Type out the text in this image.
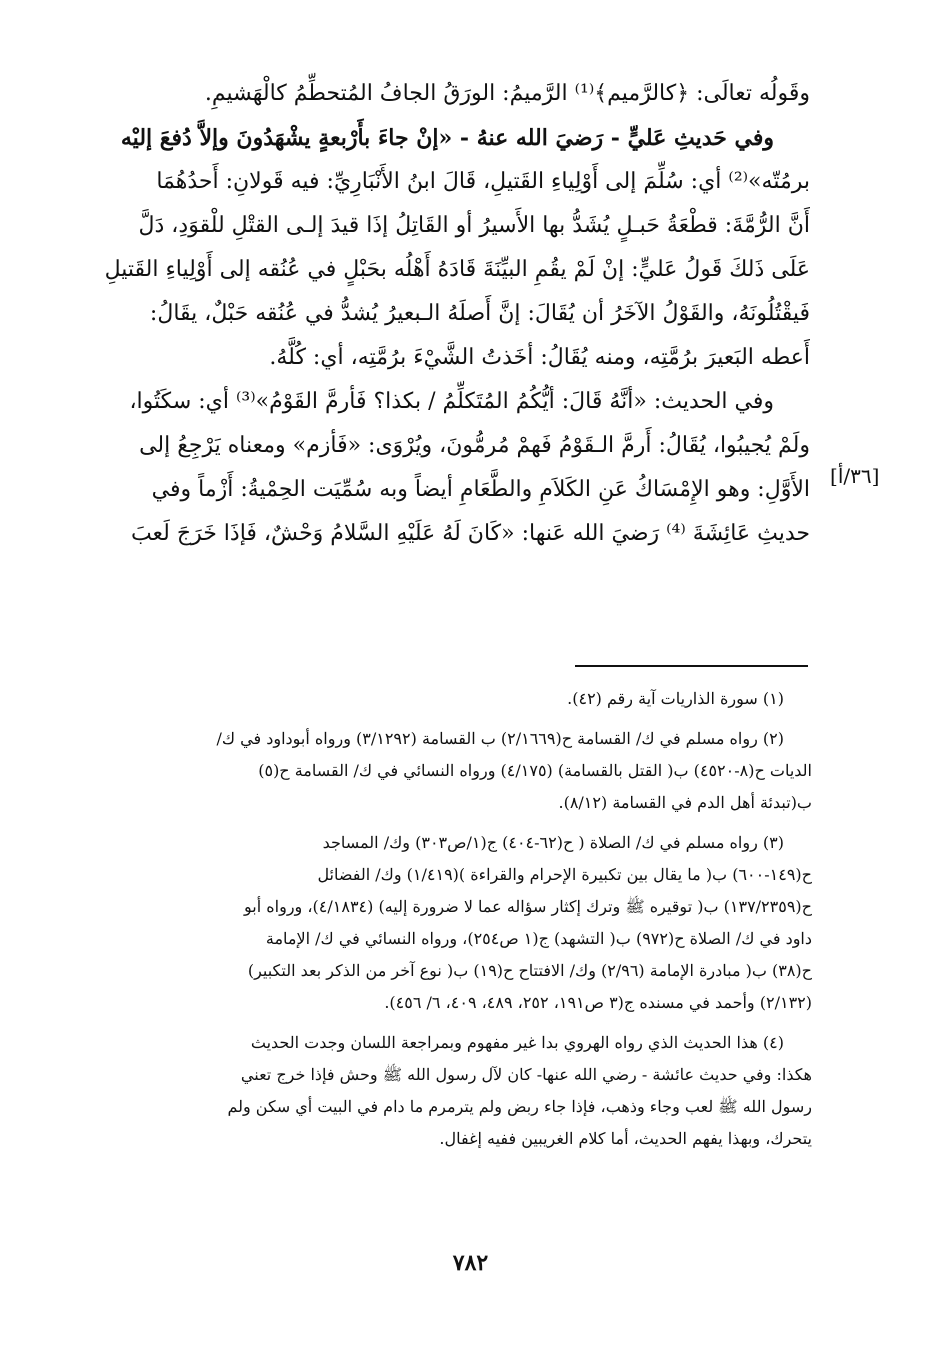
وقَولُه تعالَى: ﴿كالرَّميم﴾⁽¹⁾ الرَّميمُ: الورَقُ الجافُ المُتحطِّمُ كالْهَشيمِ.
وفي حَديثِ عَليٍّ - رَضيَ الله عنهُ - «إنْ جاءَ بأَرْبعةٍ يشْهَدُونَ وإلاَّ دُفعَ إليْه
برمُتّه»⁽²⁾ أي: سُلِّمَ إلى أَوْلِياءِ القَتيلِ، قَالَ ابنُ الأَنْبَارِيِّ: فيه قَولانِ: أَحدُهُمَا
أَنَّ الرُّمَّةَ: قطْعَةُ حَبـلٍ يُشَدُّ بها الأَسيرُ أو القَاتِلُ إذَا قيدَ إلـى القتْلِ للْقوَدِ، دَلَّ
عَلَى ذَلكَ قَولُ عَليٍّ: إنْ لَمْ يقُمِ البيِّنَةَ قَادَهُ أَهْلُه بحَبْلٍ في عُنُقه إلى أَوْلِياءِ القَتيلِ
فَيقْتُلُونَهُ، والقَوْلُ الآخَرُ أن يُقَالَ: إنَّ أَصلَهُ الـبعيرُ يُشدُّ في عُنُقه حَبْلٌ، يقَالُ:
أَعطه البَعيرَ برُمَّتِه، ومنه يُقَالُ: أخَذتُ الشَّيْءَ برُمَّتِه، أي: كُلَّهُ.
وفي الحديث: «أنَّهُ قَالَ: أيُّكُمُ المُتَكلِّمُ / بكذا؟ فَأرمَّ القَوْمُ»⁽³⁾ أي: سكَتُوا،
ولَمْ يُجيبُوا، يُقَالُ: أَرمَّ الـقَوْمُ فَهمْ مُرمُّونَ، ويُرْوَى: «فَأزم» ومعناه يَرْجِعُ إلى
الأَوَّلِ: وهو الإِمْسَاكُ عَنِ الكَلاَمِ والطَّعَامِ أيضاً وبه سُمِّيَت الحِمْيةُ: أَزْماً وفي
حديثِ عَائِشَةَ ⁽⁴⁾ رَضيَ الله عَنها: «كَانَ لَهُ عَلَيْهِ السَّلامُ وَحْشٌ، فَإذَا خَرَجَ لَعبَ
[٣٦/أ]
(١) سورة الذاريات آية رقم (٤٢).
(٢) رواه مسلم في ك/ القسامة ح(٢/١٦٦٩) ب القسامة (٣/١٢٩٢) ورواه أبوداود في ك/
الديات ح(٨-٤٥٢٠) ب( القتل بالقسامة) (٤/١٧٥) ورواه النسائي في ك/ القسامة ح(٥)
ب(تبدئة أهل الدم في القسامة (٨/١٢).
(٣) رواه مسلم في ك/ الصلاة ( ح(٦٢-٤٠٤) ج(١/ص٣٠٣) وك/ المساجد
ح(١٤٩-٦٠٠) ب( ما يقال بين تكبيرة الإحرام والقراءة )(١/٤١٩) وك/ الفضائل
ح(١٣٧/٢٣٥٩) ب( توقيره ﷺ وترك إكثار سؤاله عما لا ضرورة إليه) (٤/١٨٣٤)، ورواه أبو
داود في ك/ الصلاة ح(٩٧٢) ب( التشهد) ج(١ ص٢٥٤)، ورواه النسائي في ك/ الإمامة
ح(٣٨) ب( مبادرة الإمامة (٢/٩٦) وك/ الافتتاح ح(١٩) ب( نوع آخر من الذكر بعد التكبير)
(٢/١٣٢) وأحمد في مسنده ج(٣ ص١٩١، ٢٥٢، ٤٨٩، ٤٠٩، ٦/ ٤٥٦).
(٤) هذا الحديث الذي رواه الهروي بدا غير مفهوم وبمراجعة اللسان وجدت الحديث
هكذا: وفي حديث عائشة - رضي الله عنها- كان لآل رسول الله ﷺ وحش فإذا خرج تعني
رسول الله ﷺ لعب وجاء وذهب، فإذا جاء ربض ولم يترمرم ما دام في البيت أي سكن ولم
يتحرك، وبهذا يفهم الحديث، أما كلام الغريبين ففيه إغفال.
٧٨٢
